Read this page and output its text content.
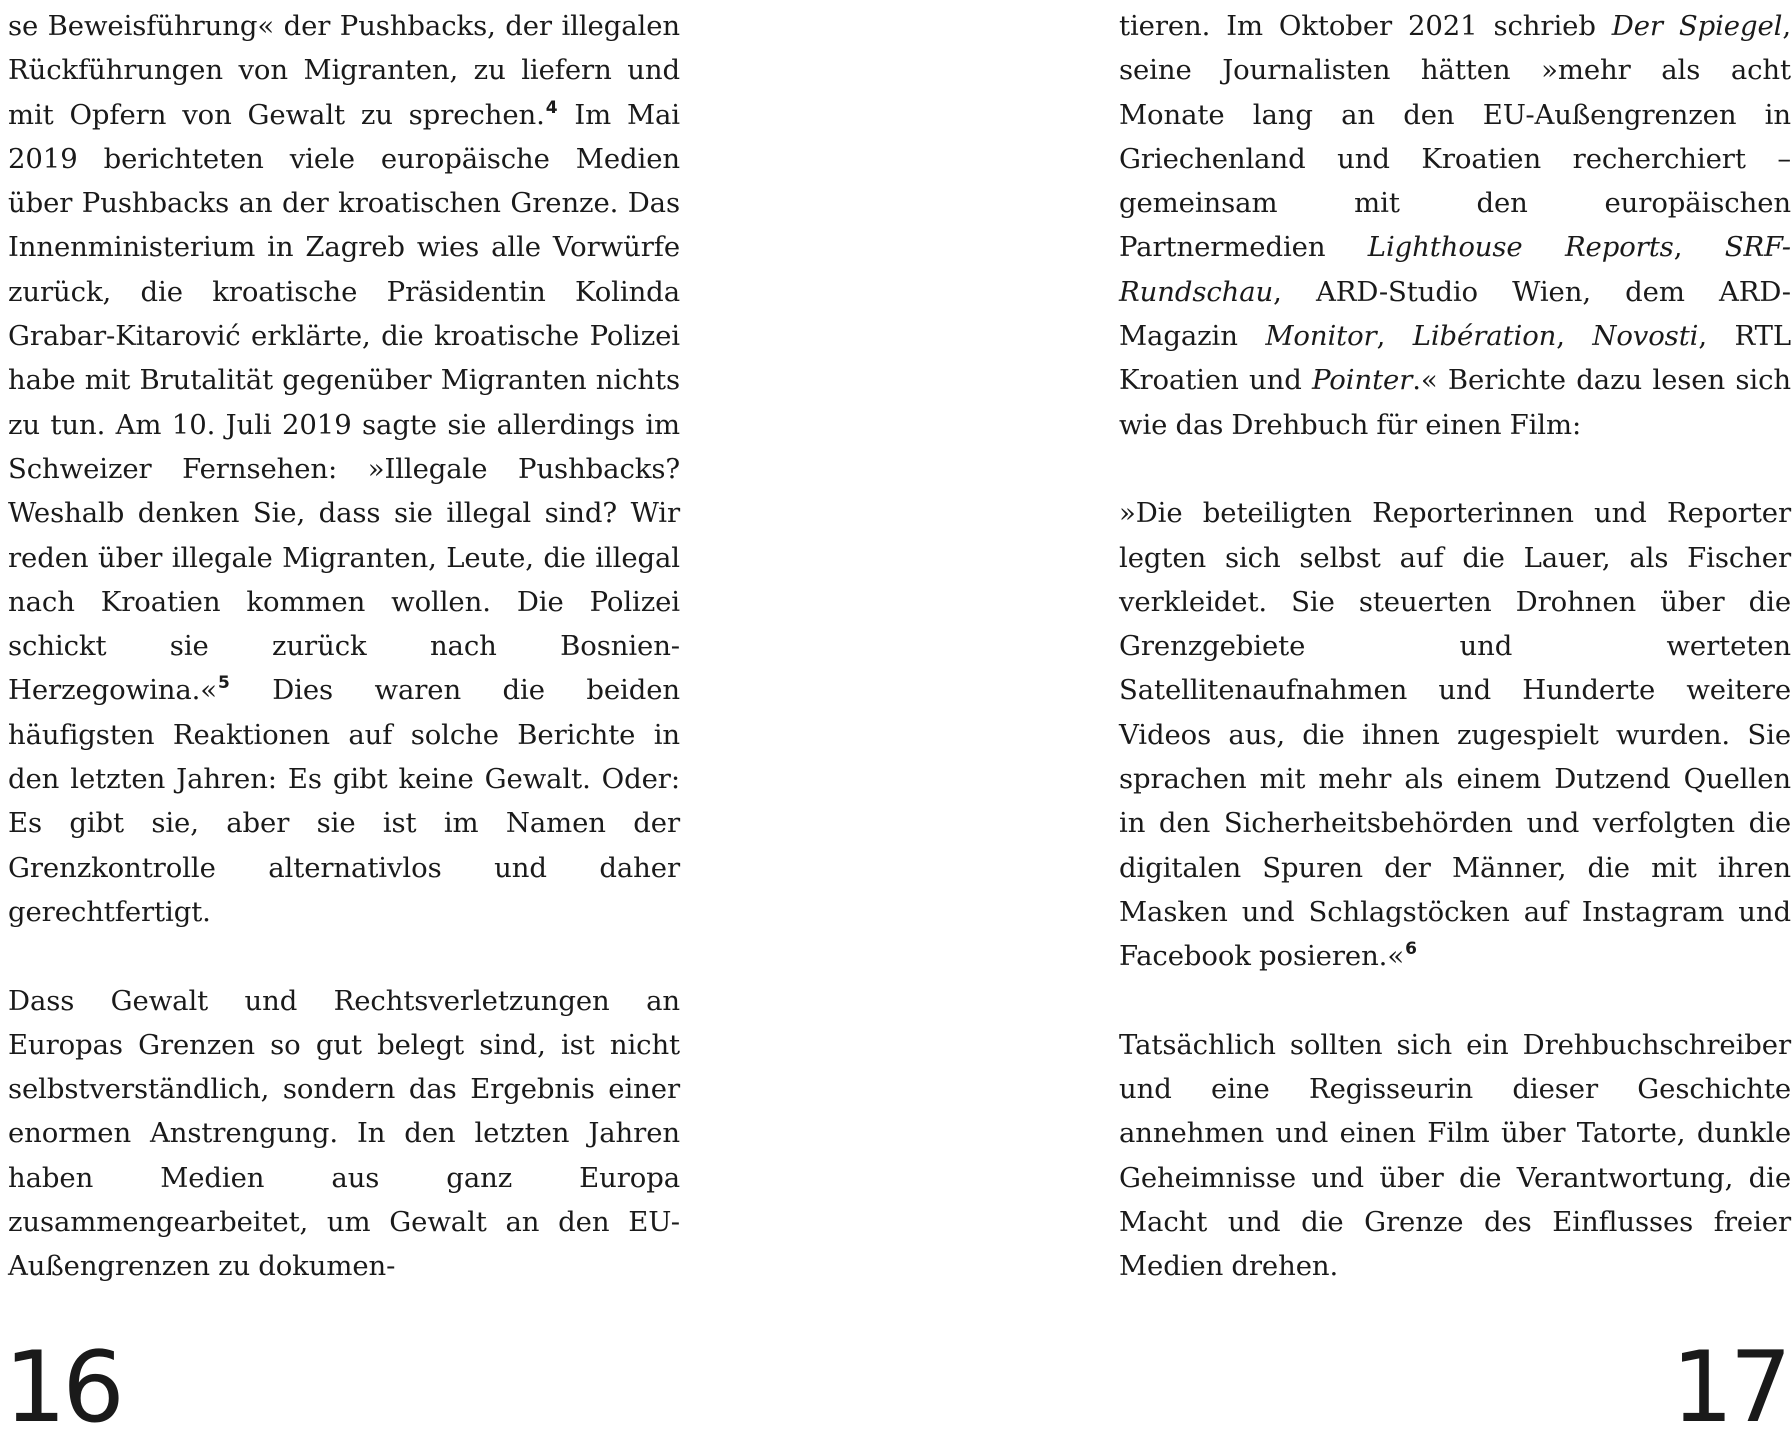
se Beweisführung« der Pushbacks, der illegalen Rückführungen von Migranten, zu liefern und mit Opfern von Gewalt zu sprechen.$^4$ Im Mai 2019 berichteten viele europäische Medien über Pushbacks an der kroatischen Grenze. Das Innenministerium in Zagreb wies alle Vorwürfe zurück, die kroatische Präsidentin Kolinda Grabar-Kitarović erklärte, die kroatische Polizei habe mit Brutalität gegenüber Migranten nichts zu tun. Am 10. Juli 2019 sagte sie allerdings im Schweizer Fernsehen: »Illegale Pushbacks? Weshalb denken Sie, dass sie illegal sind? Wir reden über illegale Migranten, Leute, die illegal nach Kroatien kommen wollen. Die Polizei schickt sie zurück nach Bosnien-Herzegowina.«$^5$ Dies waren die beiden häufigsten Reaktionen auf solche Berichte in den letzten Jahren: Es gibt keine Gewalt. Oder: Es gibt sie, aber sie ist im Namen der Grenzkontrolle alternativlos und daher gerechtfertigt.

Dass Gewalt und Rechtsverletzungen an Europas Grenzen so gut belegt sind, ist nicht selbstverständlich, sondern das Ergebnis einer enormen Anstrengung. In den letzten Jahren haben Medien aus ganz Europa zusammengearbeitet, um Gewalt an den EU-Außengrenzen zu dokumen-

16

tieren. Im Oktober 2021 schrieb Der Spiegel, seine Journalisten hätten »mehr als acht Monate lang an den EU-Außengrenzen in Griechenland und Kroatien recherchiert – gemeinsam mit den europäischen Partnermedien Lighthouse Reports, SRF-Rundschau, ARD-Studio Wien, dem ARD-Magazin Monitor, Libération, Novosti, RTL Kroatien und Pointer.« Berichte dazu lesen sich wie das Drehbuch für einen Film:

»Die beteiligten Reporterinnen und Reporter legten sich selbst auf die Lauer, als Fischer verkleidet. Sie steuerten Drohnen über die Grenzgebiete und werteten Satellitenaufnahmen und Hunderte weitere Videos aus, die ihnen zugespielt wurden. Sie sprachen mit mehr als einem Dutzend Quellen in den Sicherheitsbehörden und verfolgten die digitalen Spuren der Männer, die mit ihren Masken und Schlagstöcken auf Instagram und Facebook posieren.«$^6$

Tatsächlich sollten sich ein Drehbuchschreiber und eine Regisseurin dieser Geschichte annehmen und einen Film über Tatorte, dunkle Geheimnisse und über die Verantwortung, die Macht und die Grenze des Einflusses freier Medien drehen.

17
